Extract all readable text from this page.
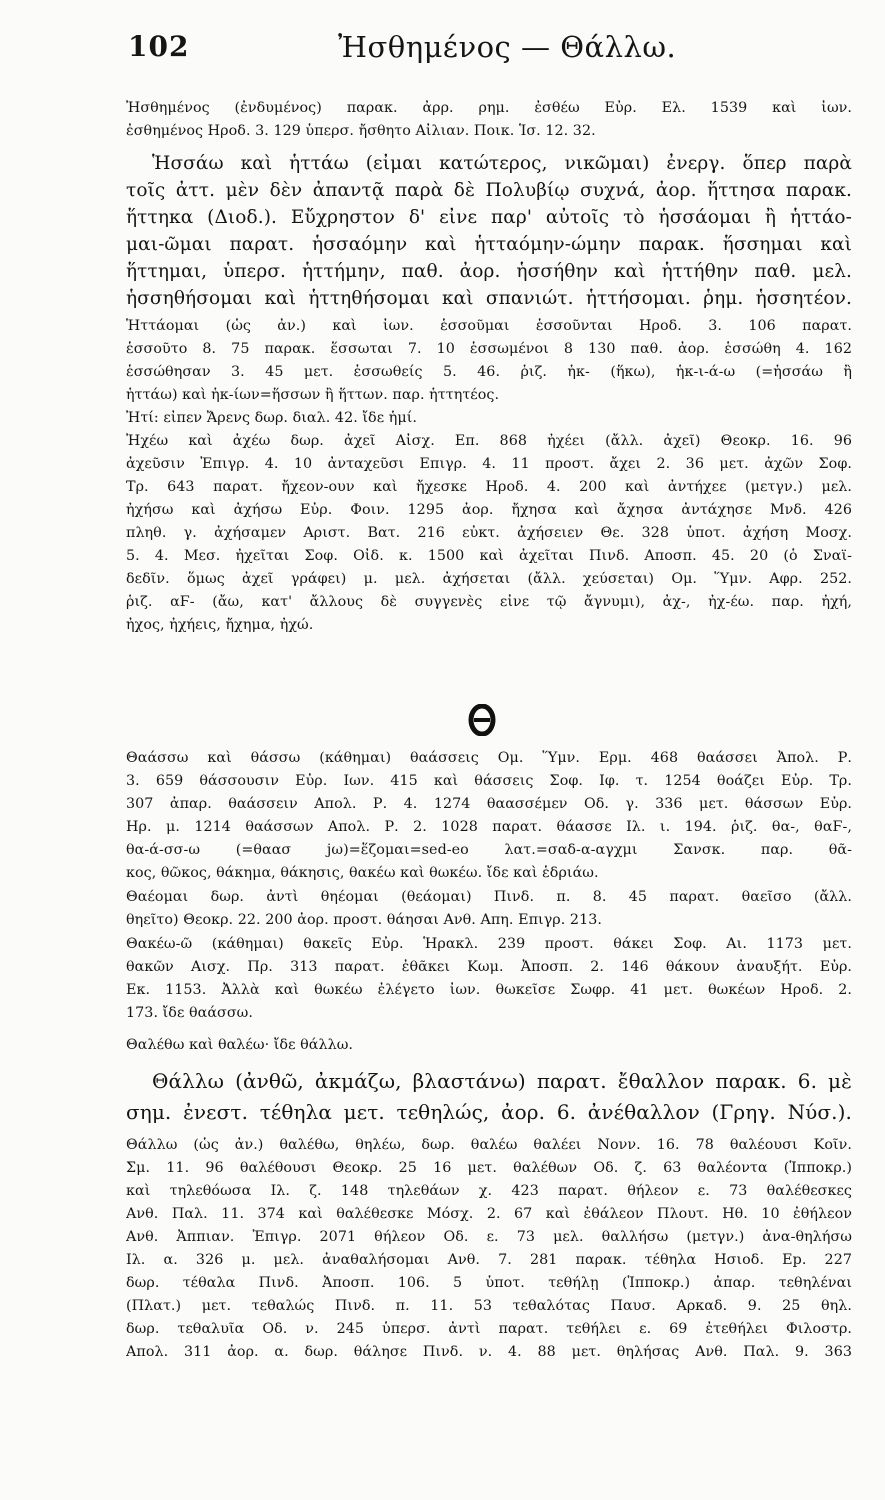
102	Ἠσθημένος — Θάλλω.
Ἠσθημένος (ἐνδυμένος) παρακ. ἀρρ. ρημ. ἐσθέω Εὐρ. Ελ. 1539 καὶ ἰων.
ἐσθημένος Ηροδ. 3. 129 ὑπερσ. ἤσθητο Αἰλιαν. Ποικ. Ἱσ. 12. 32.
Ἡσσάω καὶ ἡττάω (εἶμαι κατώτερος, νικῶμαι) ἐνεργ. ὅπερ παρὰ
τοῖς ἀττ. μὲν δὲν ἀπαντᾷ παρὰ δὲ Πολυβίῳ συχνά, ἀορ. ἥττησα παρακ.
ἥττηκα (Διοδ.). Εὔχρηστον δ' εἶνε παρ' αὐτοῖς τὸ ἡσσάομαι ἢ ἡττάο-
μαι-ῶμαι παρατ. ἡσσαόμην καὶ ἡτταόμην-ώμην παρακ. ἥσσημαι καὶ
ἥττημαι, ὑπερσ. ἡττήμην, παθ. ἀορ. ἡσσήθην καὶ ἡττήθην παθ. μελ.
ἡσσηθήσομαι καὶ ἡττηθήσομαι καὶ σπανιώτ. ἡττήσομαι. ῥημ. ἡσσητέον.
Ἡττάομαι (ὡς ἀν.) καὶ ἰων. ἑσσοῦμαι ἑσσοῦνται Ηροδ. 3. 106 παρατ.
ἑσσοῦτο 8. 75 παρακ. ἕσσωται 7. 10 ἑσσωμένοι 8 130 παθ. ἀορ. ἑσσώθη 4. 162
ἑσσώθησαν 3. 45 μετ. ἑσσωθείς 5. 46. ῥιζ. ἡκ- (ἥκω), ἡκ-ι-ά-ω (=ἡσσάω ἢ
ἡττάω) καὶ ἡκ-ίων=ἥσσων ἢ ἥττων. παρ. ἡττητέος.
Ἠτί: εἶπεν Ἄρενς δωρ. διαλ. 42. ἴδε ἡμί.
Ἠχέω καὶ ἀχέω δωρ. ἀχεῖ Αἰσχ. Επ. 868 ἠχέει (ἄλλ. ἀχεῖ) Θεοκρ. 16. 96
ἀχεῦσιν Ἐπιγρ. 4. 10 ἀνταχεῦσι Επιγρ. 4. 11 προστ. ἄχει 2. 36 μετ. ἀχῶν Σοφ.
Τρ. 643 παρατ. ἤχεον-ουν καὶ ἤχεσκε Ηροδ. 4. 200 καὶ ἀντήχεε (μετγν.) μελ.
ἠχήσω καὶ ἀχήσω Εὐρ. Φοιν. 1295 ἀορ. ἤχησα καὶ ἄχησα ἀντάχησε Μνδ. 426
πληθ. γ. ἀχήσαμεν Αριστ. Βατ. 216 εὐκτ. ἀχήσειεν Θε. 328 ὑποτ. ἀχήση Μοσχ.
5. 4. Μεσ. ἠχεῖται Σοφ. Οἰδ. κ. 1500 καὶ ἀχεῖται Πινδ. Αποσπ. 45. 20 (ὁ Σναϊ-
δεδῖν. ὅμως ἀχεῖ γράφει) μ. μελ. ἀχήσεται (ἄλλ. χεύσεται) Ομ. Ὕμν. Αφρ. 252.
ῥιζ. αϜ- (ἄω, κατ' ἄλλους δὲ συγγενὲς εἶνε τῷ ἄγνυμι), ἀχ-, ἠχ-έω. παρ. ἠχή,
ἦχος, ἠχήεις, ἤχημα, ἠχώ.
Θαάσσω καὶ θάσσω (κάθημαι) θαάσσεις Ομ. Ὕμν. Ερμ. 468 θαάσσει Ἀπολ. Ρ.
3. 659 θάσσουσιν Εὐρ. Ιων. 415 καὶ θάσσεις Σοφ. Ιφ. τ. 1254 θοάζει Εὐρ. Τρ.
307 ἀπαρ. θαάσσειν Απολ. Ρ. 4. 1274 θαασσέμεν Οδ. γ. 336 μετ. θάσσων Εὐρ.
Ηρ. μ. 1214 θαάσσων Απολ. Ρ. 2. 1028 παρατ. θάασσε Ιλ. ι. 194. ῥιζ. θα-, θαϜ-,
θα-ά-σσ-ω (=θαασ jω)=ἕζομαι=sed-eo λατ.=σαδ-α-αγχμι Σανσκ. παρ. θᾶ-
κος, θῶκος, θάκημα, θάκησις, θακέω καὶ θωκέω. ἴδε καὶ ἑδριάω.
Θαέομαι δωρ. ἀντὶ θηέομαι (θεάομαι) Πινδ. π. 8. 45 παρατ. θαεῖσο (ἄλλ.
θηεῖτο) Θεοκρ. 22. 200 ἀορ. προστ. θάησαι Ανθ. Απη. Επιγρ. 213.
Θακέω-ῶ (κάθημαι) θακεῖς Εὐρ. Ἡρακλ. 239 προστ. θάκει Σοφ. Αι. 1173 μετ.
θακῶν Αισχ. Πρ. 313 παρατ. ἐθᾶκει Κωμ. Ἀποσπ. 2. 146 θάκουν ἀναυξήτ. Εὐρ.
Εκ. 1153. Ἀλλὰ καὶ θωκέω ἐλέγετο ἰων. θωκεῖσε Σωφρ. 41 μετ. θωκέων Ηροδ. 2.
173. ἴδε θαάσσω.
Θαλέθω καὶ θαλέω· ἴδε θάλλω.
Θάλλω (ἀνθῶ, ἀκμάζω, βλαστάνω) παρατ. ἔθαλλον παρακ. 6. μὲ
σημ. ἐνεστ. τέθηλα μετ. τεθηλώς, ἀορ. 6. ἀνέθαλλον (Γρηγ. Νύσ.).
Θάλλω (ὡς ἀν.) θαλέθω, θηλέω, δωρ. θαλέω θαλέει Νονν. 16. 78 θαλέουσι Κοῖν.
Σμ. 11. 96 θαλέθουσι Θεοκρ. 25 16 μετ. θαλέθων Οδ. ζ. 63 θαλέοντα (Ἱπποκρ.)
καὶ τηλεθόωσα Ιλ. ζ. 148 τηλεθάων χ. 423 παρατ. θήλεον ε. 73 θαλέθεσκες
Ανθ. Παλ. 11. 374 καὶ θαλέθεσκε Μόσχ. 2. 67 καὶ ἐθάλεον Πλουτ. Ηθ. 10 ἐθήλεον
Ανθ. Ἀππιαν. Ἐπιγρ. 2071 θήλεον Οδ. ε. 73 μελ. θαλλήσω (μετγν.) ἀνα-θηλήσω
Ιλ. α. 326 μ. μελ. ἀναθαλήσομαι Ανθ. 7. 281 παρακ. τέθηλα Ησιοδ. Εp. 227
δωρ. τέθαλα Πινδ. Ἀποσπ. 106. 5 ὑποτ. τεθήλῃ (Ἱπποκρ.) ἀπαρ. τεθηλέναι
(Πλατ.) μετ. τεθαλώς Πινδ. π. 11. 53 τεθαλότας Παυσ. Αρκαδ. 9. 25 θηλ.
δωρ. τεθαλυῖα Οδ. ν. 245 ὑπερσ. ἀντὶ παρατ. τεθήλει ε. 69 ἐτεθήλει Φιλοστρ.
Απολ. 311 ἀορ. α. δωρ. θάλησε Πινδ. ν. 4. 88 μετ. θηλήσας Ανθ. Παλ. 9. 363
